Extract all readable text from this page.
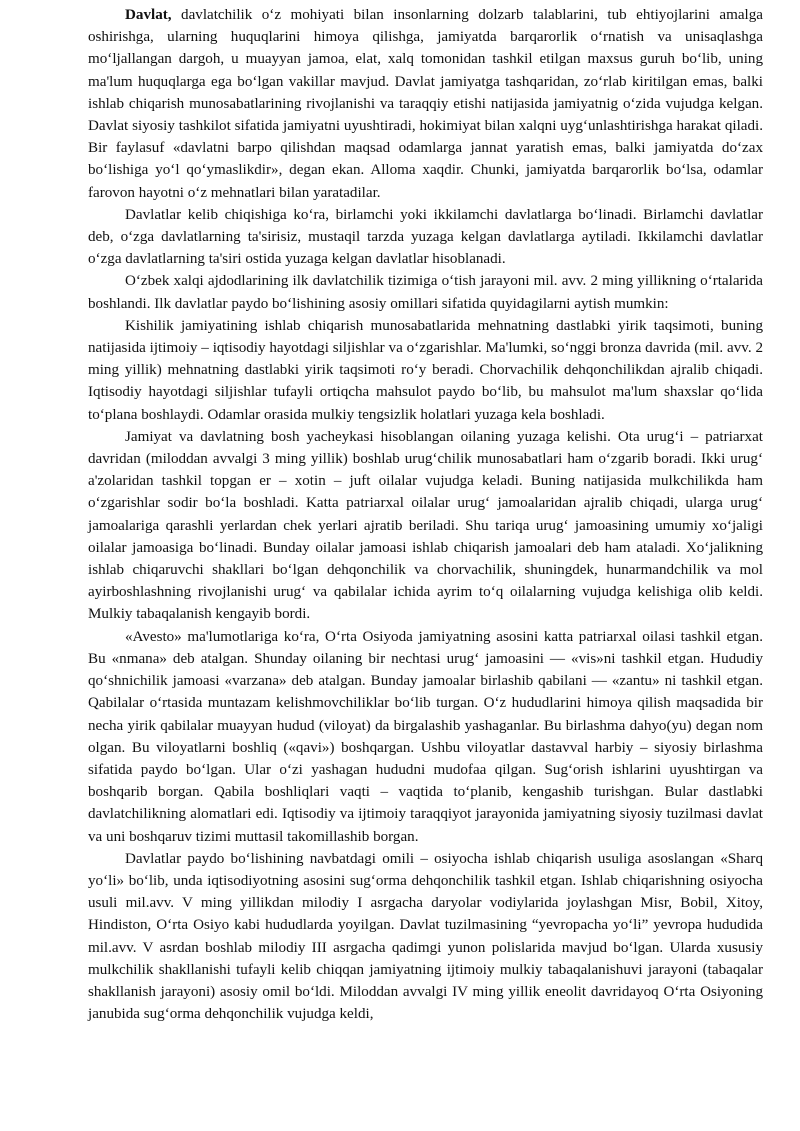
Davlat, davlatchilik o‘z mohiyati bilan insonlarning dolzarb talablarini, tub ehtiyojlarini amalga oshirishga, ularning huquqlarini himoya qilishga, jamiyatda barqarorlik o‘rnatish va unisaqlashga mo‘ljallangan dargoh, u muayyan jamoa, elat, xalq tomonidan tashkil etilgan maxsus guruh bo‘lib, uning ma'lum huquqlarga ega bo‘lgan vakillar mavjud. Davlat jamiyatga tashqaridan, zo‘rlab kiritilgan emas, balki ishlab chiqarish munosabatlarining rivojlanishi va taraqqiy etishi natijasida jamiyatnig o‘zida vujudga kelgan. Davlat siyosiy tashkilot sifatida jamiyatni uyushtiradi, hokimiyat bilan xalqni uyg‘unlashtirishga harakat qiladi. Bir faylasuf «davlatni barpo qilishdan maqsad odamlarga jannat yaratish emas, balki jamiyatda do‘zax bo‘lishiga yo‘l qo‘ymaslikdir», degan ekan. Alloma xaqdir. Chunki, jamiyatda barqarorlik bo‘lsa, odamlar farovon hayotni o‘z mehnatlari bilan yaratadilar.

Davlatlar kelib chiqishiga ko‘ra, birlamchi yoki ikkilamchi davlatlarga bo‘linadi. Birlamchi davlatlar deb, o‘zga davlatlarning ta'sirisiz, mustaqil tarzda yuzaga kelgan davlatlarga aytiladi. Ikkilamchi davlatlar o‘zga davlatlarning ta'siri ostida yuzaga kelgan davlatlar hisoblanadi.

O‘zbek xalqi ajdodlarining ilk davlatchilik tizimiga o‘tish jarayoni mil. avv. 2 ming yillikning o‘rtalarida boshlandi. Ilk davlatlar paydo bo‘lishining asosiy omillari sifatida quyidagilarni aytish mumkin:

Kishilik jamiyatining ishlab chiqarish munosabatlarida mehnatning dastlabki yirik taqsimoti, buning natijasida ijtimoiy – iqtisodiy hayotdagi siljishlar va o‘zgarishlar. Ma'lumki, so‘nggi bronza davrida (mil. avv. 2 ming yillik) mehnatning dastlabki yirik taqsimoti ro‘y beradi. Chorvachilik dehqonchilikdan ajralib chiqadi. Iqtisodiy hayotdagi siljishlar tufayli ortiqcha mahsulot paydo bo‘lib, bu mahsulot ma'lum shaxslar qo‘lida to‘plana boshlaydi. Odamlar orasida mulkiy tengsizlik holatlari yuzaga kela boshladi.

Jamiyat va davlatning bosh yacheykasi hisoblangan oilaning yuzaga kelishi. Ota urug‘i – patriarxat davridan (miloddan avvalgi 3 ming yillik) boshlab urug‘chilik munosabatlari ham o‘zgarib boradi. Ikki urug‘ a'zolaridan tashkil topgan er – xotin – juft oilalar vujudga keladi. Buning natijasida mulkchilikda ham o‘zgarishlar sodir bo‘la boshladi. Katta patriarxal oilalar urug‘ jamoalaridan ajralib chiqadi, ularga urug‘ jamoalariga qarashli yerlardan chek yerlari ajratib beriladi. Shu tariqa urug‘ jamoasining umumiy xo‘jaligi oilalar jamoasiga bo‘linadi. Bunday oilalar jamoasi ishlab chiqarish jamoalari deb ham ataladi. Xo‘jalikning ishlab chiqaruvchi shakllari bo‘lgan dehqonchilik va chorvachilik, shuningdek, hunarmandchilik va mol ayirboshlashning rivojlanishi urug‘ va qabilalar ichida ayrim to‘q oilalarning vujudga kelishiga olib keldi. Mulkiy tabaqalanish kengayib bordi.

«Avesto» ma'lumotlariga ko‘ra, O‘rta Osiyoda jamiyatning asosini katta patriarxal oilasi tashkil etgan. Bu «nmana» deb atalgan. Shunday oilaning bir nechtasi urug‘ jamoasini — «vis»ni tashkil etgan. Hududiy qo‘shnichilik jamoasi «varzana» deb atalgan. Bunday jamoalar birlashib qabilani — «zantu» ni tashkil etgan. Qabilalar o‘rtasida muntazam kelishmovchiliklar bo‘lib turgan. O‘z hududlarini himoya qilish maqsadida bir necha yirik qabilalar muayyan hudud (viloyat) da birgalashib yashaganlar. Bu birlashma dahyo(yu) degan nom olgan. Bu viloyatlarni boshliq («qavi») boshqargan. Ushbu viloyatlar dastavval harbiy – siyosiy birlashma sifatida paydo bo‘lgan. Ular o‘zi yashagan hududni mudofaa qilgan. Sug‘orish ishlarini uyushtirgan va boshqarib borgan. Qabila boshliqlari vaqti – vaqtida to‘planib, kengashib turishgan. Bular dastlabki davlatchilikning alomatlari edi. Iqtisodiy va ijtimoiy taraqqiyot jarayonida jamiyatning siyosiy tuzilmasi davlat va uni boshqaruv tizimi muttasil takomillashib borgan.

Davlatlar paydo bo‘lishining navbatdagi omili – osiyocha ishlab chiqarish usuliga asoslangan «Sharq yo‘li» bo‘lib, unda iqtisodiyotning asosini sug‘orma dehqonchilik tashkil etgan. Ishlab chiqarishning osiyocha usuli mil.avv. V ming yillikdan milodiy I asrgacha daryolar vodiylarida joylashgan Misr, Bobil, Xitoy, Hindiston, O‘rta Osiyo kabi hududlarda yoyilgan. Davlat tuzilmasining “yevropacha yo‘li” yevropa hududida mil.avv. V asrdan boshlab milodiy III asrgacha qadimgi yunon polislarida mavjud bo‘lgan. Ularda xususiy mulkchilik shakllanishi tufayli kelib chiqqan jamiyatning ijtimoiy mulkiy tabaqalanishuvi jarayoni (tabaqalar shakllanish jarayoni) asosiy omil bo‘ldi. Miloddan avvalgi IV ming yillik eneolit davridayoq O‘rta Osiyoning janubida sug‘orma dehqonchilik vujudga keldi,
